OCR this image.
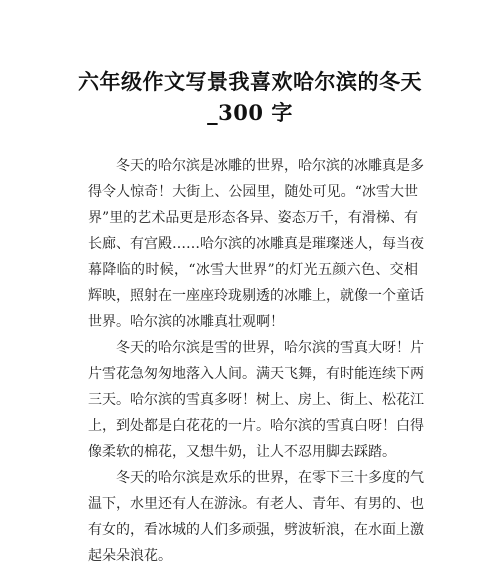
六年级作文写景我喜欢哈尔滨的冬天
_300 字
冬天的哈尔滨是冰雕的世界，哈尔滨的冰雕真是多
得令人惊奇！大街上、公园里，随处可见。“冰雪大世
界”里的艺术品更是形态各异、姿态万千，有滑梯、有
长廊、有宫殿……哈尔滨的冰雕真是璀璨迷人，每当夜
幕降临的时候，“冰雪大世界”的灯光五颜六色、交相
辉映，照射在一座座玲珑剔透的冰雕上，就像一个童话
世界。哈尔滨的冰雕真壮观啊！
冬天的哈尔滨是雪的世界，哈尔滨的雪真大呀！片
片雪花急匆匆地落入人间。满天飞舞，有时能连续下两
三天。哈尔滨的雪真多呀！树上、房上、街上、松花江
上，到处都是白花花的一片。哈尔滨的雪真白呀！白得
像柔软的棉花，又想牛奶，让人不忍用脚去踩踏。
冬天的哈尔滨是欢乐的世界，在零下三十多度的气
温下，水里还有人在游泳。有老人、青年、有男的、也
有女的，看冰城的人们多顽强，劈波斩浪，在水面上激
起朵朵浪花。
